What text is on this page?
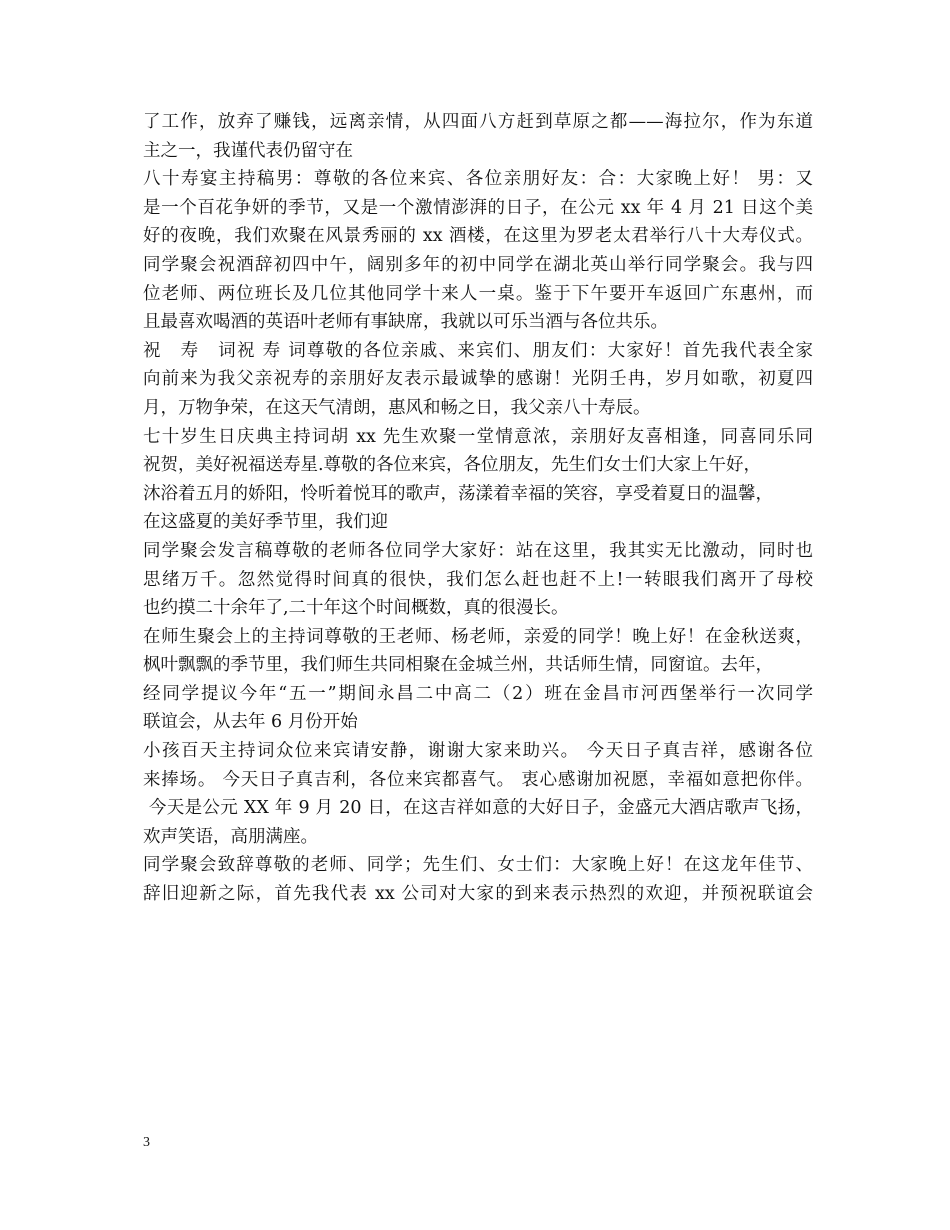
了工作，放弃了赚钱，远离亲情，从四面八方赶到草原之都——海拉尔，作为东道
主之一，我谨代表仍留守在
八十寿宴主持稿男：尊敬的各位来宾、各位亲朋好友：合：大家晚上好！ 男：又
是一个百花争妍的季节，又是一个激情澎湃的日子，在公元 xx 年 4 月 21 日这个美
好的夜晚，我们欢聚在风景秀丽的 xx 酒楼，在这里为罗老太君举行八十大寿仪式。
同学聚会祝酒辞初四中午，阔别多年的初中同学在湖北英山举行同学聚会。我与四
位老师、两位班长及几位其他同学十来人一桌。鉴于下午要开车返回广东惠州，而
且最喜欢喝酒的英语叶老师有事缺席，我就以可乐当酒与各位共乐。
祝　寿　词祝 寿 词尊敬的各位亲戚、来宾们、朋友们：大家好！首先我代表全家
向前来为我父亲祝寿的亲朋好友表示最诚挚的感谢！光阴壬冉，岁月如歌，初夏四
月，万物争荣，在这天气清朗，惠风和畅之日，我父亲八十寿辰。
七十岁生日庆典主持词胡 xx 先生欢聚一堂情意浓，亲朋好友喜相逢，同喜同乐同
祝贺，美好祝福送寿星.尊敬的各位来宾，各位朋友，先生们女士们大家上午好，
沐浴着五月的娇阳，怜听着悦耳的歌声，荡漾着幸福的笑容，享受着夏日的温馨，
在这盛夏的美好季节里，我们迎
同学聚会发言稿尊敬的老师各位同学大家好：站在这里，我其实无比激动，同时也
思绪万千。忽然觉得时间真的很快，我们怎么赶也赶不上!一转眼我们离开了母校
也约摸二十余年了,二十年这个时间概数，真的很漫长。
在师生聚会上的主持词尊敬的王老师、杨老师，亲爱的同学！晚上好！在金秋送爽，
枫叶飘飘的季节里，我们师生共同相聚在金城兰州，共话师生情，同窗谊。去年，
经同学提议今年“五一”期间永昌二中高二（2）班在金昌市河西堡举行一次同学
联谊会，从去年 6 月份开始
小孩百天主持词众位来宾请安静，谢谢大家来助兴。 今天日子真吉祥，感谢各位
来捧场。 今天日子真吉利，各位来宾都喜气。 衷心感谢加祝愿，幸福如意把你伴。
今天是公元 XX 年 9 月 20 日，在这吉祥如意的大好日子，金盛元大酒店歌声飞扬，
欢声笑语，高朋满座。
同学聚会致辞尊敬的老师、同学；先生们、女士们：大家晚上好！在这龙年佳节、
辞旧迎新之际，首先我代表 xx 公司对大家的到来表示热烈的欢迎，并预祝联谊会
3
